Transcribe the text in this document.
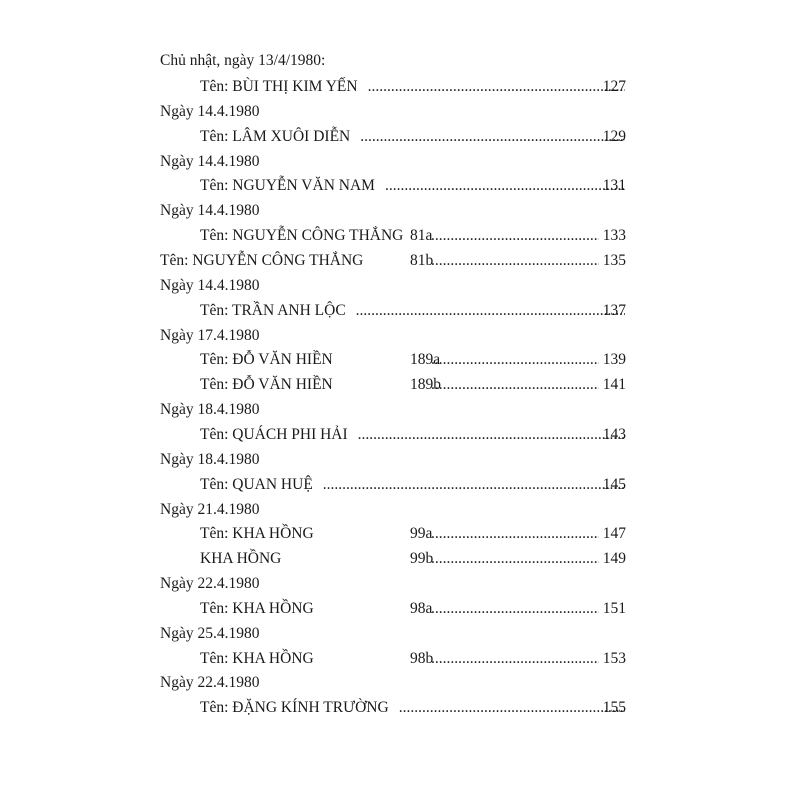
Chủ nhật, ngày 13/4/1980:
Tên: BÙI THỊ KIM YẾN .....	127
Ngày 14.4.1980
Tên: LÂM XUÔI DIỄN .....	129
Ngày 14.4.1980
Tên: NGUYỄN VĂN NAM .....	131
Ngày 14.4.1980
Tên: NGUYỄN CÔNG THẮNG 81a .....	133
Tên: NGUYỄN CÔNG THẮNG	81b .....	135
Ngày 14.4.1980
Tên: TRẦN ANH LỘC .....	137
Ngày 17.4.1980
Tên: ĐỖ VĂN HIỀN	189a .....	139
Tên: ĐỖ VĂN HIỀN	189b .....	141
Ngày 18.4.1980
Tên: QUÁCH PHI HẢI .....	143
Ngày 18.4.1980
Tên: QUAN HUỆ .....	145
Ngày 21.4.1980
Tên: KHA HỒNG	99a .....	147
KHA HỒNG	99b .....	149
Ngày 22.4.1980
Tên: KHA HỒNG	98a .....	151
Ngày 25.4.1980
Tên: KHA HỒNG	98b .....	153
Ngày 22.4.1980
Tên: ĐẶNG KÍNH TRƯỜNG .....	155
